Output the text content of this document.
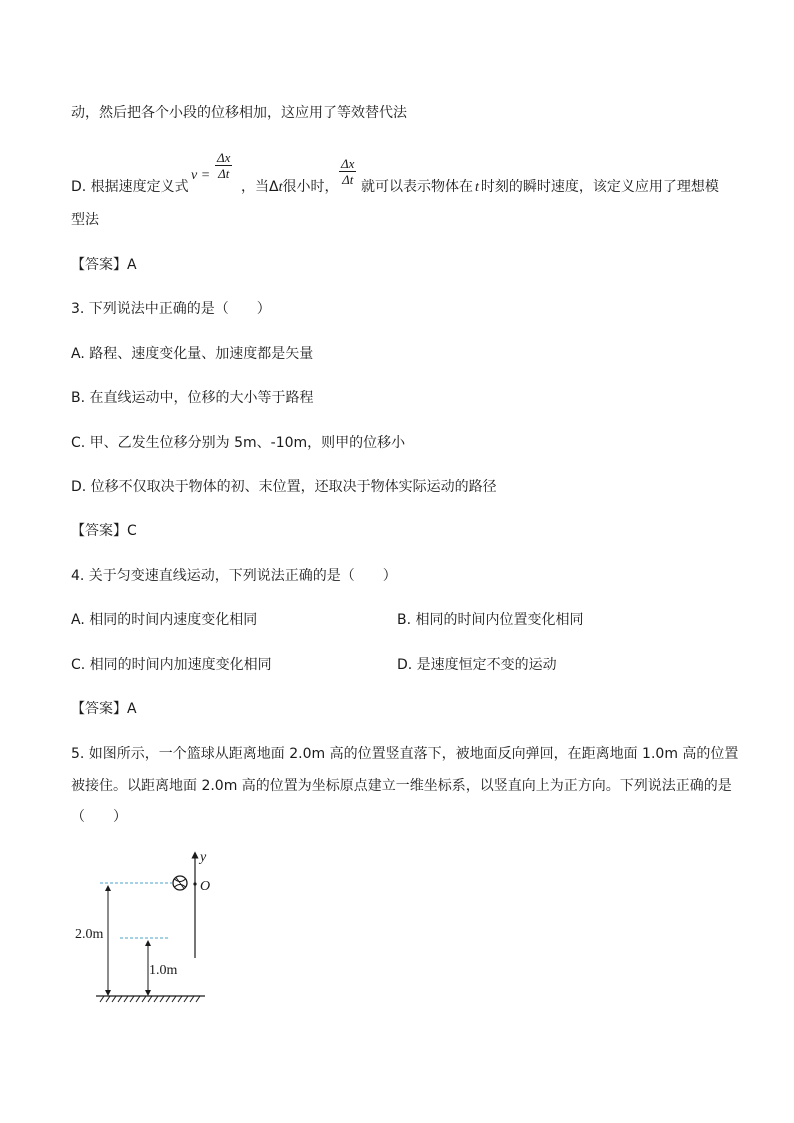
动，然后把各个小段的位移相加，这应用了等效替代法
D. 根据速度定义式
$v = \frac{\Delta x}{\Delta t}$
，当Δt很小时， $\frac{\Delta x}{\Delta t}$ 就可以表示物体在 t 时刻的瞬时速度，该定义应用了理想模
型法
【答案】A
3. 下列说法中正确的是（　　）
A. 路程、速度变化量、加速度都是矢量
B. 在直线运动中，位移的大小等于路程
C. 甲、乙发生位移分别为 5m、-10m，则甲的位移小
D. 位移不仅取决于物体的初、末位置，还取决于物体实际运动的路径
【答案】C
4. 关于匀变速直线运动，下列说法正确的是（　　）
A. 相同的时间内速度变化相同	B. 相同的时间内位置变化相同
C. 相同的时间内加速度变化相同	D. 是速度恒定不变的运动
【答案】A
5. 如图所示，一个篮球从距离地面 2.0m 高的位置竖直落下，被地面反向弹回，在距离地面 1.0m 高的位置
被接住。以距离地面 2.0m 高的位置为坐标原点建立一维坐标系，以竖直向上为正方向。下列说法正确的是
（　　）
y
O
2.0m
1.0m
